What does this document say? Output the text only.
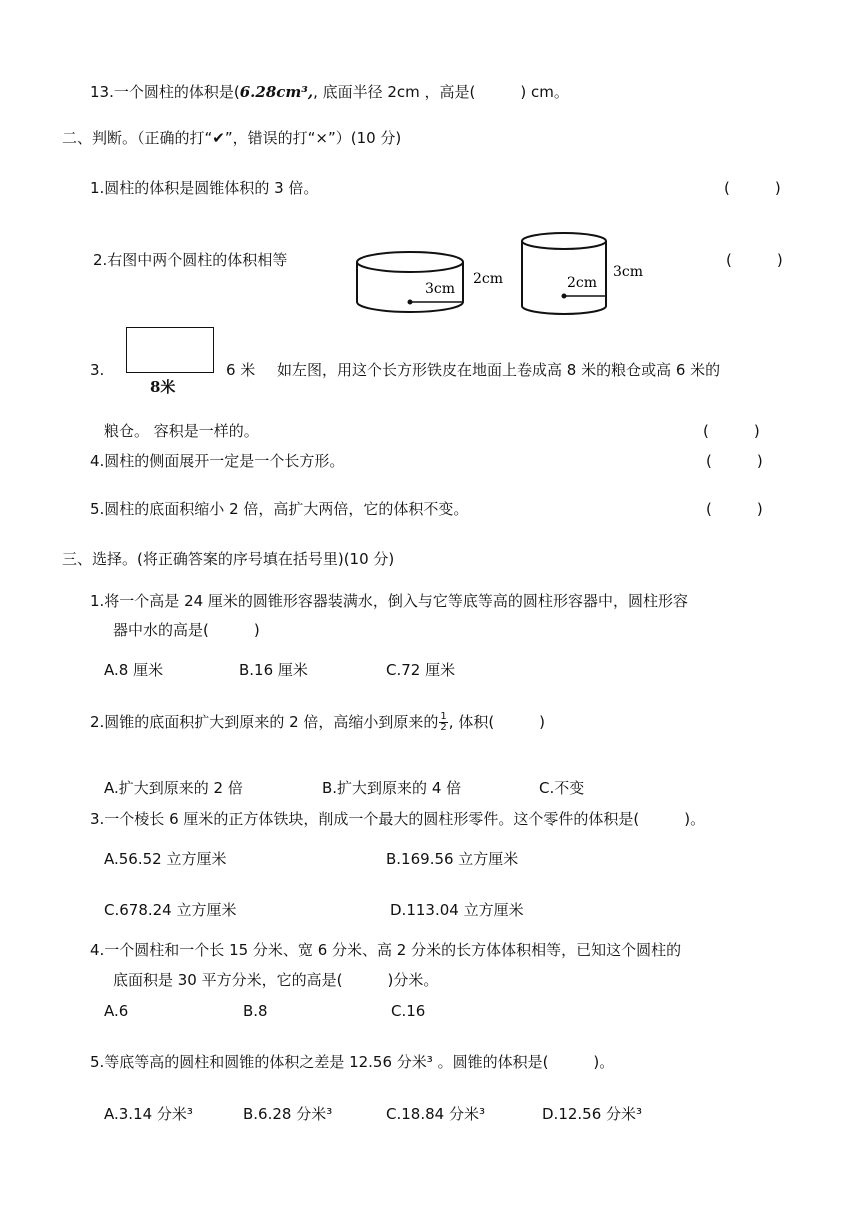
13.一个圆柱的体积是(6.28cm³,, 底面半径 2cm ，高是(　　　) cm。
二、判断。（正确的打“✔”，错误的打“×”）(10 分)
1.圆柱的体积是圆锥体积的 3 倍。	(　　　)
2.右图中两个圆柱的体积相等	(　　　)
3cm
2cm	2cm
3cm
3.
8米
6 米 如左图，用这个长方形铁皮在地面上卷成高 8 米的粮仓或高 6 米的
粮仓。 容积是一样的。	(　　　)
4.圆柱的侧面展开一定是一个长方形。	(　　　)
5.圆柱的底面积缩小 2 倍，高扩大两倍，它的体积不变。	(　　　)
三、选择。(将正确答案的序号填在括号里)(10 分)
1.将一个高是 24 厘米的圆锥形容器装满水，倒入与它等底等高的圆柱形容器中，圆柱形容
器中水的高是(　　　)
A.8 厘米	B.16 厘米	C.72 厘米
2.圆锥的底面积扩大到原来的 2 倍，高缩小到原来的 $\frac{1}{2}$ , 体积(　　　)
A.扩大到原来的 2 倍	B.扩大到原来的 4 倍	C.不变
3.一个棱长 6 厘米的正方体铁块，削成一个最大的圆柱形零件。这个零件的体积是(　　　)。
A.56.52 立方厘米	B.169.56 立方厘米
C.678.24 立方厘米	D.113.04 立方厘米
4.一个圆柱和一个长 15 分米、宽 6 分米、高 2 分米的长方体体积相等，已知这个圆柱的
底面积是 30 平方分米，它的高是(　　　)分米。
A.6	B.8	C.16
5.等底等高的圆柱和圆锥的体积之差是 12.56 分米³ 。圆锥的体积是(　　　)。
A.3.14 分米³	B.6.28 分米³	C.18.84 分米³	D.12.56 分米³
